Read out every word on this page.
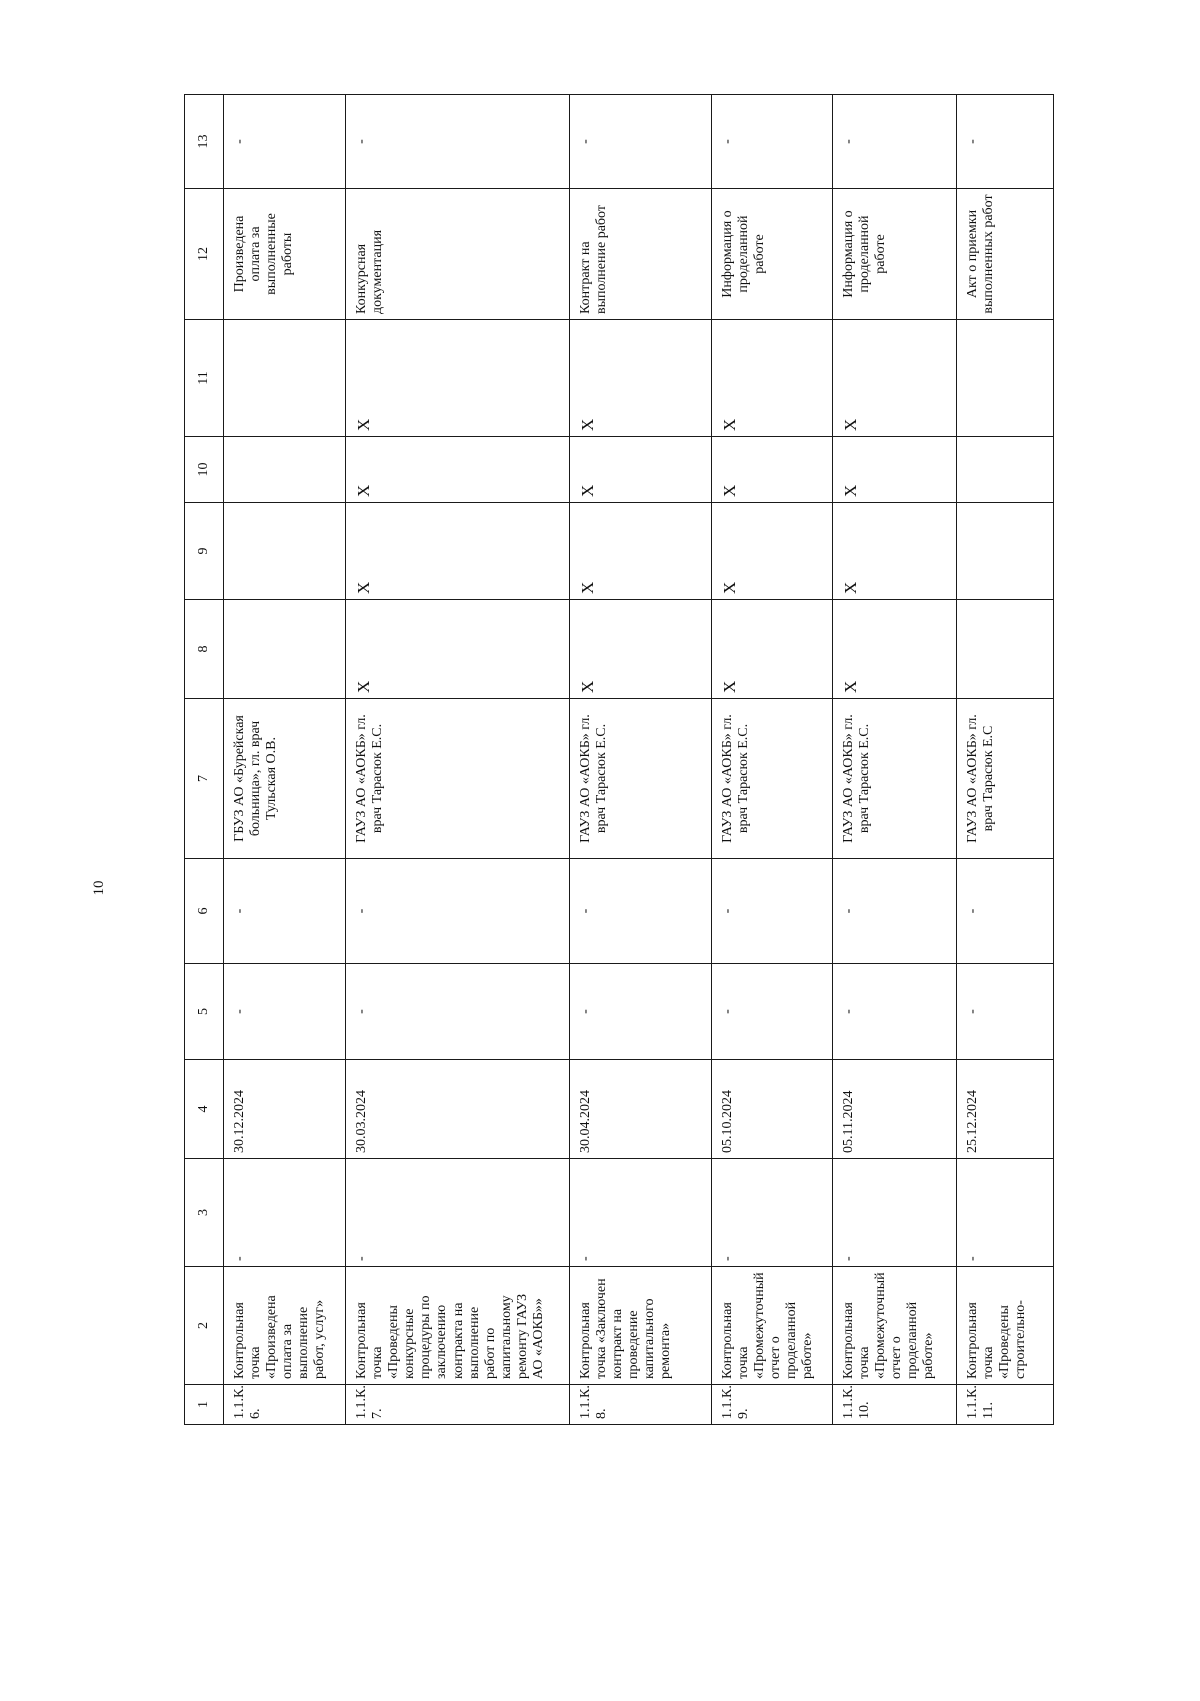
10
1	2	3	4	5	6	7	8	9	10	11	12	13
1.1.К. 6.	Контрольная точка «Произведена оплата за выполнение работ, услуг»	-	30.12.2024	-	-	ГБУЗ АО «Бурейская больница», гл. врач Тульская О.В.					Произведена оплата за выполненные работы	-
1.1.К. 7.	Контрольная точка «Проведены конкурсные процедуры по заключению контракта на выполнение работ по капитальному ремонту ГАУЗ АО «АОКБ»»	-	30.03.2024	-	-	ГАУЗ АО «АОКБ» гл. врач Тарасюк Е.С.	X	X	X	X	Конкурсная документация	-
1.1.К. 8.	Контрольная точка «Заключен контракт на проведение капитального ремонта»	-	30.04.2024	-	-	ГАУЗ АО «АОКБ» гл. врач Тарасюк Е.С.	X	X	X	X	Контракт на выполнение работ	-
1.1.К. 9.	Контрольная точка «Промежуточный отчет о проделанной работе»	-	05.10.2024	-	-	ГАУЗ АО «АОКБ» гл. врач Тарасюк Е.С.	X	X	X	X	Информация о проделанной работе	-
1.1.К. 10.	Контрольная точка «Промежуточный отчет о проделанной работе»	-	05.11.2024	-	-	ГАУЗ АО «АОКБ» гл. врач Тарасюк Е.С.	X	X	X	X	Информация о проделанной работе	-
1.1.К. 11.	Контрольная точка «Проведены строительно-	-	25.12.2024	-	-	ГАУЗ АО «АОКБ» гл. врач Тарасюк Е.С					Акт о приемки выполненных работ	-
